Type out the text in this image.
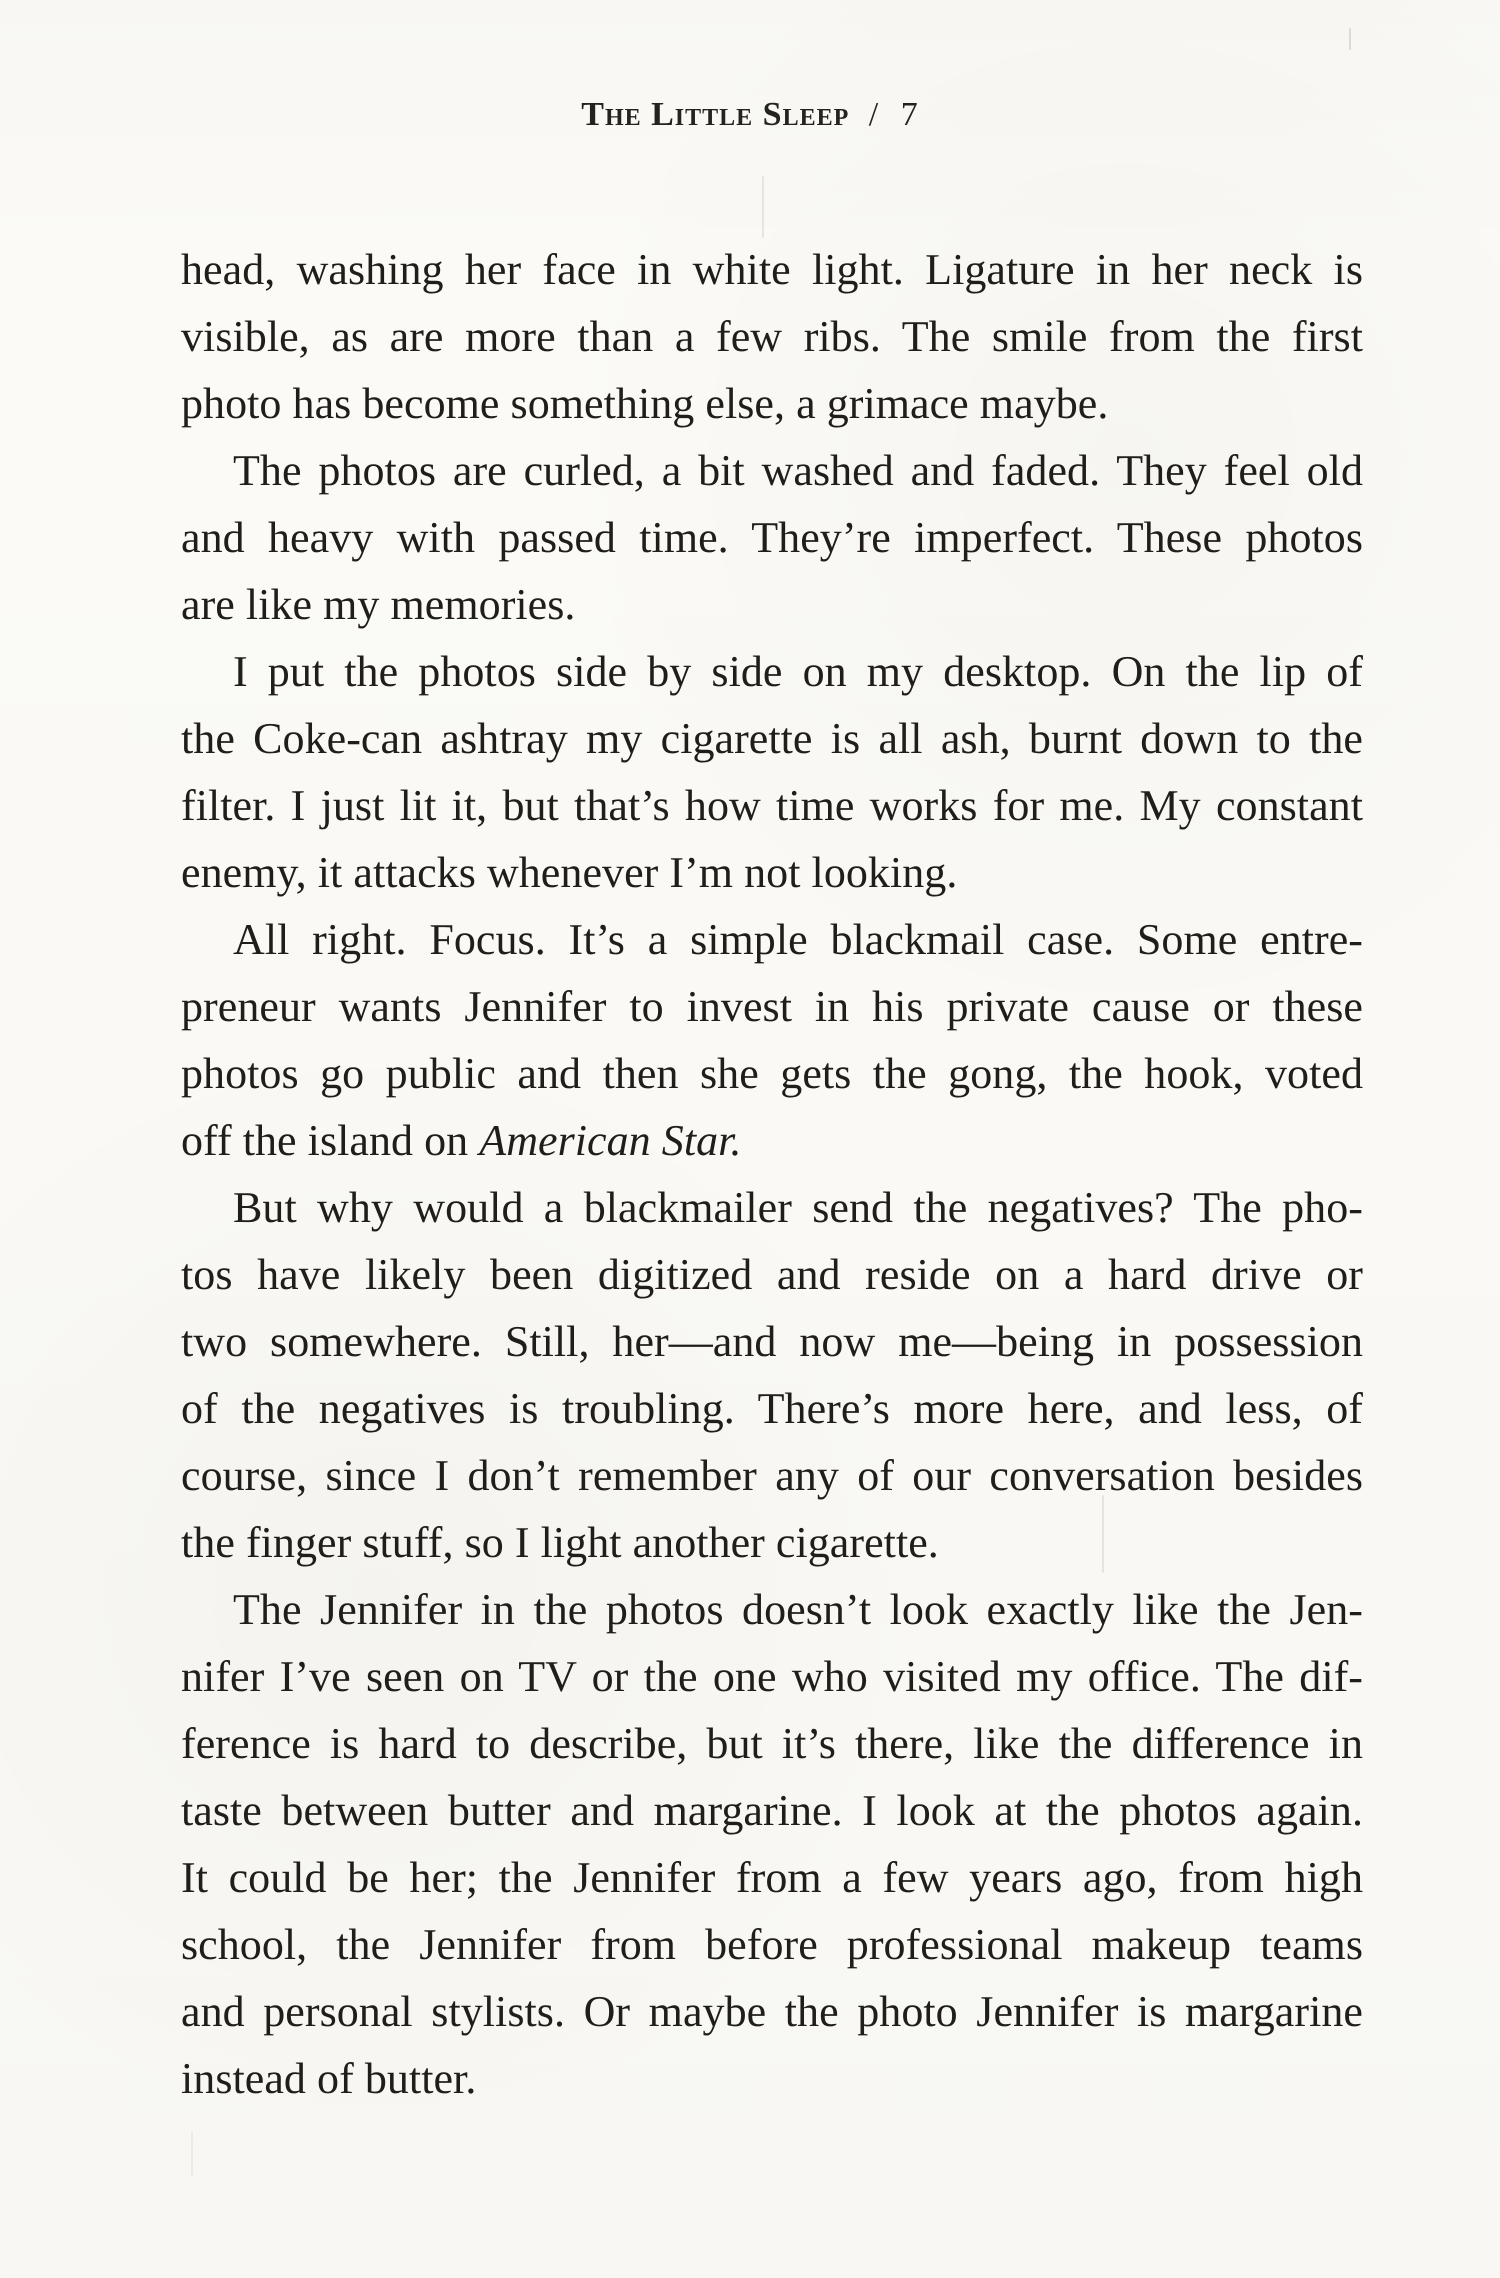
The Little Sleep / 7
head, washing her face in white light. Ligature in her neck is
visible, as are more than a few ribs. The smile from the first
photo has become something else, a grimace maybe.
The photos are curled, a bit washed and faded. They feel old
and heavy with passed time. They’re imperfect. These photos
are like my memories.
I put the photos side by side on my desktop. On the lip of
the Coke-can ashtray my cigarette is all ash, burnt down to the
filter. I just lit it, but that’s how time works for me. My constant
enemy, it attacks whenever I’m not looking.
All right. Focus. It’s a simple blackmail case. Some entre-
preneur wants Jennifer to invest in his private cause or these
photos go public and then she gets the gong, the hook, voted
off the island on American Star.
But why would a blackmailer send the negatives? The pho-
tos have likely been digitized and reside on a hard drive or
two somewhere. Still, her—and now me—being in possession
of the negatives is troubling. There’s more here, and less, of
course, since I don’t remember any of our conversation besides
the finger stuff, so I light another cigarette.
The Jennifer in the photos doesn’t look exactly like the Jen-
nifer I’ve seen on TV or the one who visited my office. The dif-
ference is hard to describe, but it’s there, like the difference in
taste between butter and margarine. I look at the photos again.
It could be her; the Jennifer from a few years ago, from high
school, the Jennifer from before professional makeup teams
and personal stylists. Or maybe the photo Jennifer is margarine
instead of butter.
